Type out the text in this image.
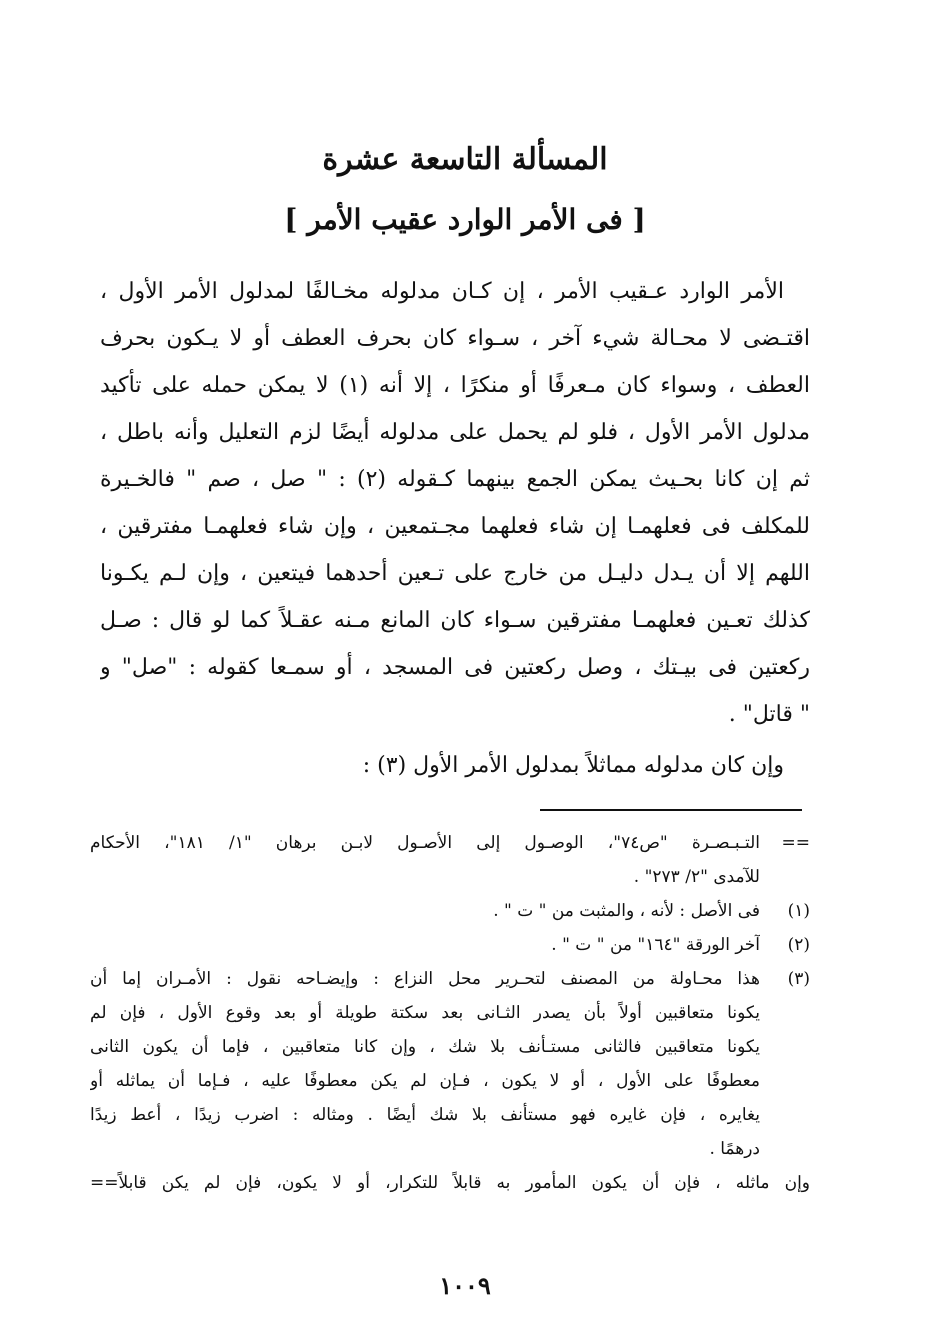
المسألة التاسعة عشرة
[ فى الأمر الوارد عقيب الأمر ]
الأمر الوارد عـقيب الأمر ، إن كـان مدلوله مخـالفًا لمدلول الأمر الأول ،
اقتـضى لا محـالة شيء آخر ، سـواء كان بحرف العطف أو لا يـكون بحرف
العطف ، وسواء كان مـعرفًا أو منكرًا ، إلا أنه (١) لا يمكن حمله على تأكيد
مدلول الأمر الأول ، فلو لم يحمل على مدلوله أيضًا لزم التعليل وأنه باطل ،
ثم إن كانا بحـيث يمكن الجمع بينهما كـقوله (٢) : " صل ، صم " فالخـيرة
للمكلف فى فعلهمـا إن شاء فعلهما مجـتمعين ، وإن شاء فعلهمـا مفترقين ،
اللهم إلا أن يـدل دليـل من خارج على تـعين أحدهما فيتعين ، وإن لـم يكـونا
كذلك تعـين فعلهمـا مفترقين سـواء كان المانع مـنه عقـلاً كما لو قال : صـل
ركعتين فى بيـتك ، وصل ركعتين فى المسجد ، أو سمـعا كقوله : "صل" و
" قاتل" .
وإن كان مدلوله مماثلاً بمدلول الأمر الأول (٣) :
==
التـبـصـرة "ص٧٤"، الوصـول إلى الأصـول لابـن برهان "١/ ١٨١"، الأحكام
للآمدى "٢/ ٢٧٣" .
(١)
فى الأصل : لأنه ، والمثبت من " ت " .
(٢)
آخر الورقة "١٦٤" من " ت " .
(٣)
هذا محـاولة من المصنف لتحـرير محل النزاع : وإيضـاحه نقول : الأمـران إما أن
يكونا متعاقبين أولاً بأن يصدر الثـانى بعد سكتة طويلة أو بعد وقوع الأول ، فإن لم
يكونا متعاقبين فالثانى مستـأنف بلا شك ، وإن كانا متعاقبين ، فإما أن يكون الثانى
معطوفًا على الأول ، أو لا يكون ، فـإن لم يكن معطوفًا عليه ، فـإما أن يماثله أو
يغايره ، فإن غايره فهو مستأنف بلا شك أيضًا . ومثاله : اضرب زيدًا ، أعط زيدًا
درهمًا .
وإن ماثله ، فإن أن يكون المأمور به قابلاً للتكرار، أو لا يكون، فإن لم يكن قابلاً==
١٠٠٩
